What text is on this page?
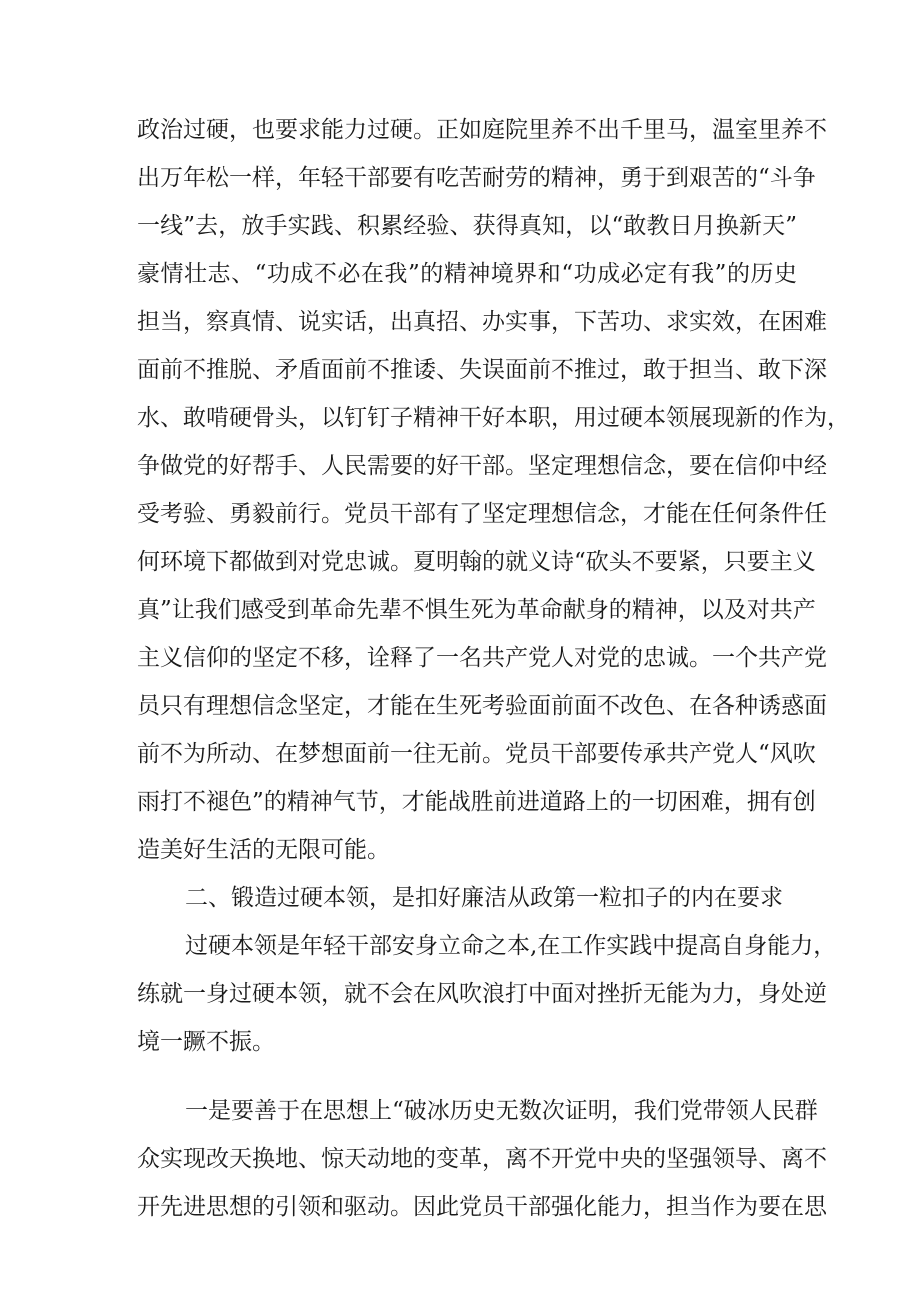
政治过硬，也要求能力过硬。正如庭院里养不出千里马，温室里养不
出万年松一样，年轻干部要有吃苦耐劳的精神，勇于到艰苦的“斗争
一线”去，放手实践、积累经验、获得真知，以“敢教日月换新天”
豪情壮志、“功成不必在我”的精神境界和“功成必定有我”的历史
担当，察真情、说实话，出真招、办实事，下苦功、求实效，在困难
面前不推脱、矛盾面前不推诿、失误面前不推过，敢于担当、敢下深
水、敢啃硬骨头，以钉钉子精神干好本职，用过硬本领展现新的作为，
争做党的好帮手、人民需要的好干部。坚定理想信念，要在信仰中经
受考验、勇毅前行。党员干部有了坚定理想信念，才能在任何条件任
何环境下都做到对党忠诚。夏明翰的就义诗“砍头不要紧，只要主义
真”让我们感受到革命先辈不惧生死为革命献身的精神，以及对共产
主义信仰的坚定不移，诠释了一名共产党人对党的忠诚。一个共产党
员只有理想信念坚定，才能在生死考验面前面不改色、在各种诱惑面
前不为所动、在梦想面前一往无前。党员干部要传承共产党人“风吹
雨打不褪色”的精神气节，才能战胜前进道路上的一切困难，拥有创
造美好生活的无限可能。
二、锻造过硬本领，是扣好廉洁从政第一粒扣子的内在要求
过硬本领是年轻干部安身立命之本,在工作实践中提高自身能力，
练就一身过硬本领，就不会在风吹浪打中面对挫折无能为力，身处逆
境一蹶不振。
一是要善于在思想上“破冰历史无数次证明，我们党带领人民群
众实现改天换地、惊天动地的变革，离不开党中央的坚强领导、离不
开先进思想的引领和驱动。因此党员干部强化能力，担当作为要在思
